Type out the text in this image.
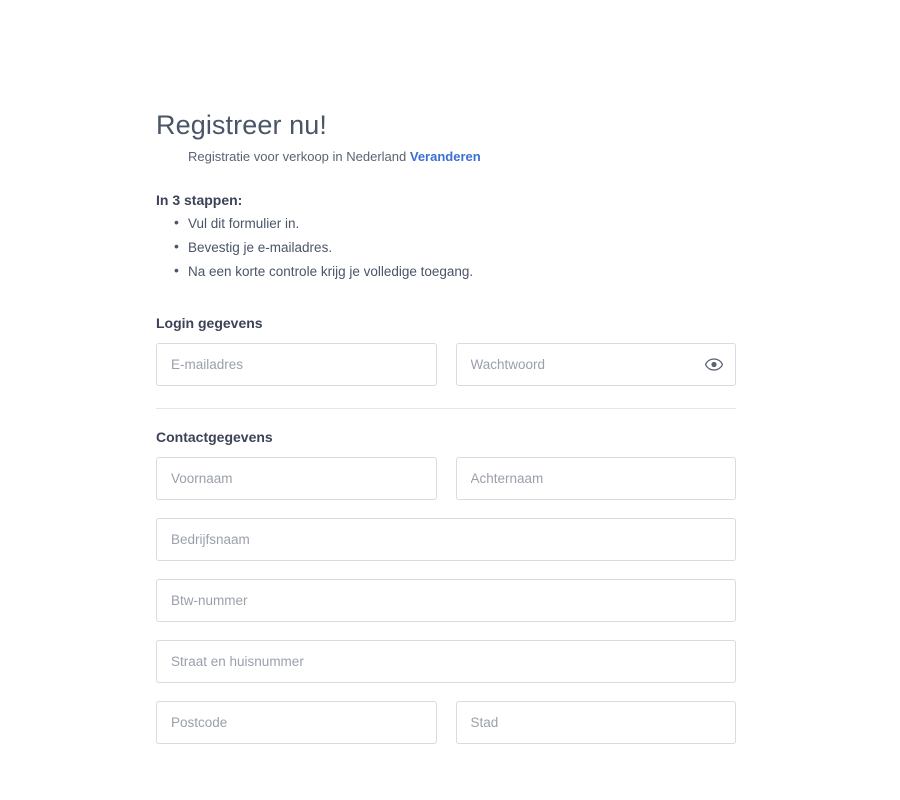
Registreer nu!
Registratie voor verkoop in Nederland Veranderen
In 3 stappen:
• Vul dit formulier in.
• Bevestig je e-mailadres.
• Na een korte controle krijg je volledige toegang.
Login gegevens
E-mailadres
Wachtwoord
Contactgegevens
Voornaam
Achternaam
Bedrijfsnaam
Btw-nummer
Straat en huisnummer
Postcode
Stad
